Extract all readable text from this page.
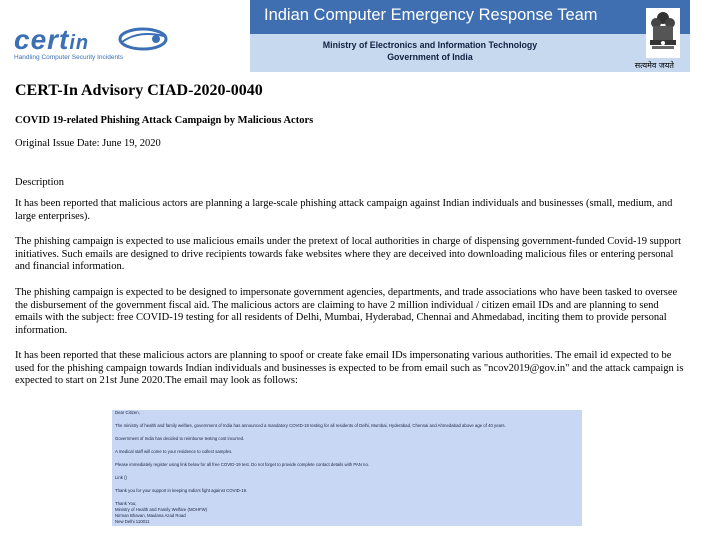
certin
Handling Computer Security Incidents
Indian Computer Emergency Response Team
Ministry of Electronics and Information Technology
Government of India
सत्यमेव जयते
CERT-In Advisory CIAD-2020-0040
COVID 19-related Phishing Attack Campaign by Malicious Actors
Original Issue Date: June 19, 2020
Description
It has been reported that malicious actors are planning a large-scale phishing attack campaign against Indian individuals and businesses (small, medium, and large enterprises).
The phishing campaign is expected to use malicious emails under the pretext of local authorities in charge of dispensing government-funded Covid-19 support initiatives. Such emails are designed to drive recipients towards fake websites where they are deceived into downloading malicious files or entering personal and financial information.
The phishing campaign is expected to be designed to impersonate government agencies, departments, and trade associations who have been tasked to oversee the disbursement of the government fiscal aid. The malicious actors are claiming to have 2 million individual / citizen email IDs and are planning to send emails with the subject: free COVID-19 testing for all residents of Delhi, Mumbai, Hyderabad, Chennai and Ahmedabad, inciting them to provide personal information.
It has been reported that these malicious actors are planning to spoof or create fake email IDs impersonating various authorities. The email id expected to be used for the phishing campaign towards Indian individuals and businesses is expected to be from email such as "ncov2019@gov.in" and the attack campaign is expected to start on 21st June 2020.The email may look as follows:
Dear Citizen,
The ministry of health and family welfare, government of India has announced a mandatory COVID-19 testing for all residents of Delhi, Mumbai, Hyderabad, Chennai and Ahmedabad above age of 40 years.
Government of India has decided to reimburse testing cost incurred.
A medical staff will come to your residence to collect samples.
Please immediately register using link below for all free COVID-19 test. Do not forget to provide complete contact details with PAN no.
Link ()
Thank you for your support in keeping India's fight against COVID-19.
Thank You;
Ministry of Health and Family Welfare (MOHFW)
Nirman Bhavan, Maulana Azad Road
New Delhi 110011
